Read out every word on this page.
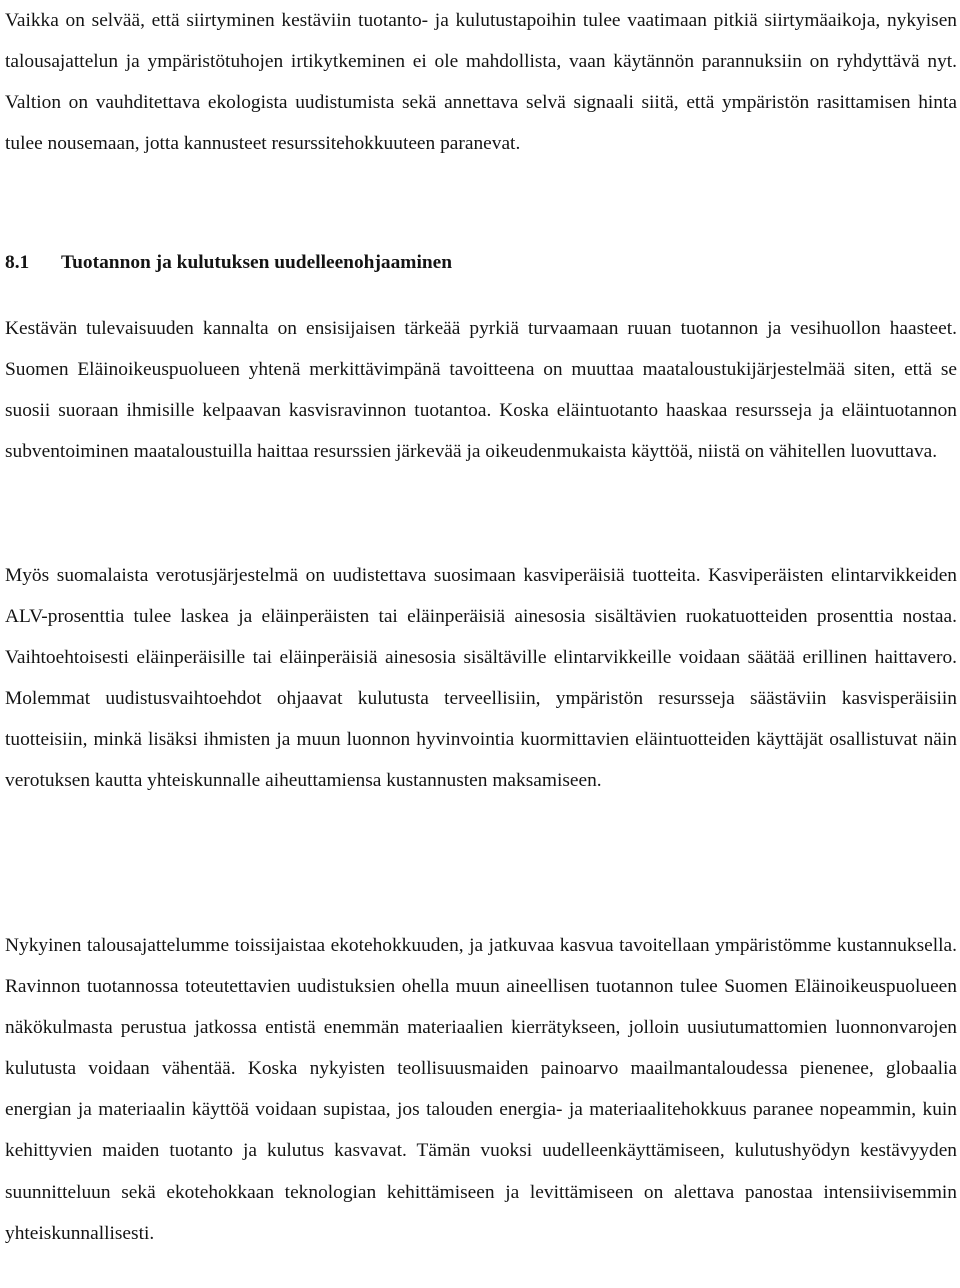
Vaikka on selvää, että siirtyminen kestäviin tuotanto- ja kulutustapoihin tulee vaatimaan pitkiä siirtymäaikoja, nykyisen talousajattelun ja ympäristötuhojen irtikytkeminen ei ole mahdollista, vaan käytännön parannuksiin on ryhdyttävä nyt. Valtion on vauhditettava ekologista uudistumista sekä annettava selvä signaali siitä, että ympäristön rasittamisen hinta tulee nousemaan, jotta kannusteet resurssitehokkuuteen paranevat.

8.1 Tuotannon ja kulutuksen uudelleenohjaaminen

Kestävän tulevaisuuden kannalta on ensisijaisen tärkeää pyrkiä turvaamaan ruuan tuotannon ja vesihuollon haasteet. Suomen Eläinoikeuspuolueen yhtenä merkittävimpänä tavoitteena on muuttaa maataloustukijärjestelmää siten, että se suosii suoraan ihmisille kelpaavan kasvisravinnon tuotantoa. Koska eläintuotanto haaskaa resursseja ja eläintuotannon subventoiminen maataloustuilla haittaa resurssien järkevää ja oikeudenmukaista käyttöä, niistä on vähitellen luovuttava.

Myös suomalaista verotusjärjestelmä on uudistettava suosimaan kasviperäisiä tuotteita. Kasviperäisten elintarvikkeiden ALV-prosenttia tulee laskea ja eläinperäisten tai eläinperäisiä ainesosia sisältävien ruokatuotteiden prosenttia nostaa. Vaihtoehtoisesti eläinperäisille tai eläinperäisiä ainesosia sisältäville elintarvikkeille voidaan säätää erillinen haittavero. Molemmat uudistusvaihtoehdot ohjaavat kulutusta terveellisiin, ympäristön resursseja säästäviin kasvisperäisiin tuotteisiin, minkä lisäksi ihmisten ja muun luonnon hyvinvointia kuormittavien eläintuotteiden käyttäjät osallistuvat näin verotuksen kautta yhteiskunnalle aiheuttamiensa kustannusten maksamiseen.

Nykyinen talousajattelumme toissijaistaa ekotehokkuuden, ja jatkuvaa kasvua tavoitellaan ympäristömme kustannuksella. Ravinnon tuotannossa toteutettavien uudistuksien ohella muun aineellisen tuotannon tulee Suomen Eläinoikeuspuolueen näkökulmasta perustua jatkossa entistä enemmän materiaalien kierrätykseen, jolloin uusiutumattomien luonnonvarojen kulutusta voidaan vähentää. Koska nykyisten teollisuusmaiden painoarvo maailmantaloudessa pienenee, globaalia energian ja materiaalin käyttöä voidaan supistaa, jos talouden energia- ja materiaalitehokkuus paranee nopeammin, kuin kehittyvien maiden tuotanto ja kulutus kasvavat. Tämän vuoksi uudelleenkäyttämiseen, kulutushyödyn kestävyyden suunnitteluun sekä ekotehokkaan teknologian kehittämiseen ja levittämiseen on alettava panostaa intensiivisemmin yhteiskunnallisesti.
